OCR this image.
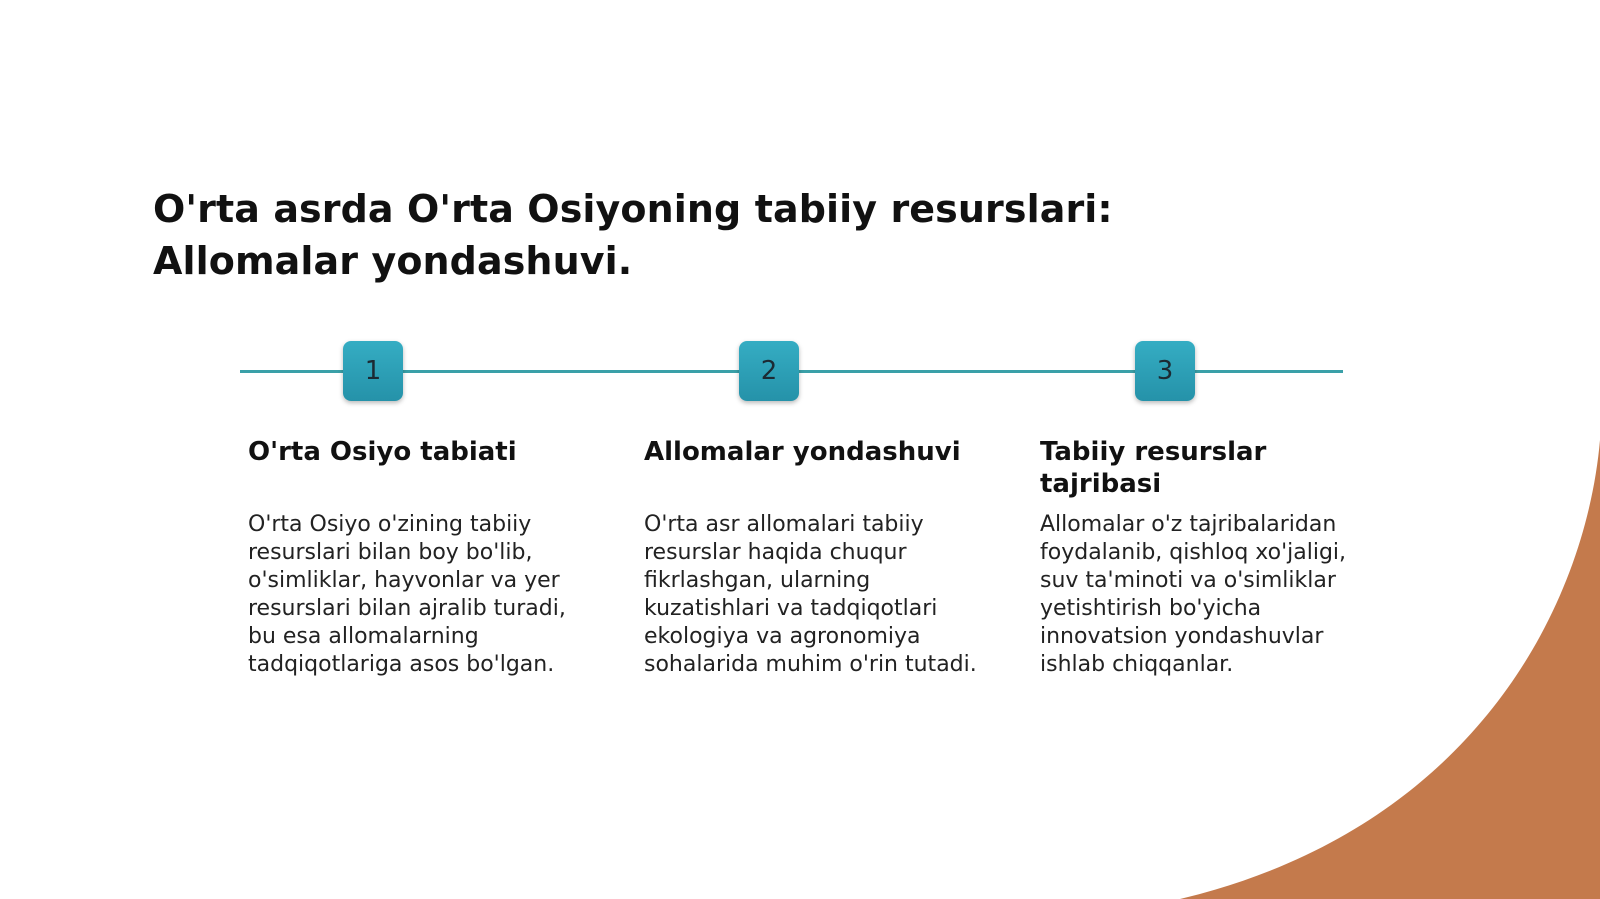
O'rta asrda O'rta Osiyoning tabiiy resurslari: Allomalar yondashuvi.
1	2	3
O'rta Osiyo tabiati

O'rta Osiyo o'zining tabiiy resurslari bilan boy bo'lib, o'simliklar, hayvonlar va yer resurslari bilan ajralib turadi, bu esa allomalarning tadqiqotlariga asos bo'lgan.

Allomalar yondashuvi

O'rta asr allomalari tabiiy resurslar haqida chuqur fikrlashgan, ularning kuzatishlari va tadqiqotlari ekologiya va agronomiya sohalarida muhim o'rin tutadi.

Tabiiy resurslar tajribasi

Allomalar o'z tajribalaridan foydalanib, qishloq xo'jaligi, suv ta'minoti va o'simliklar yetishtirish bo'yicha innovatsion yondashuvlar ishlab chiqqanlar.
